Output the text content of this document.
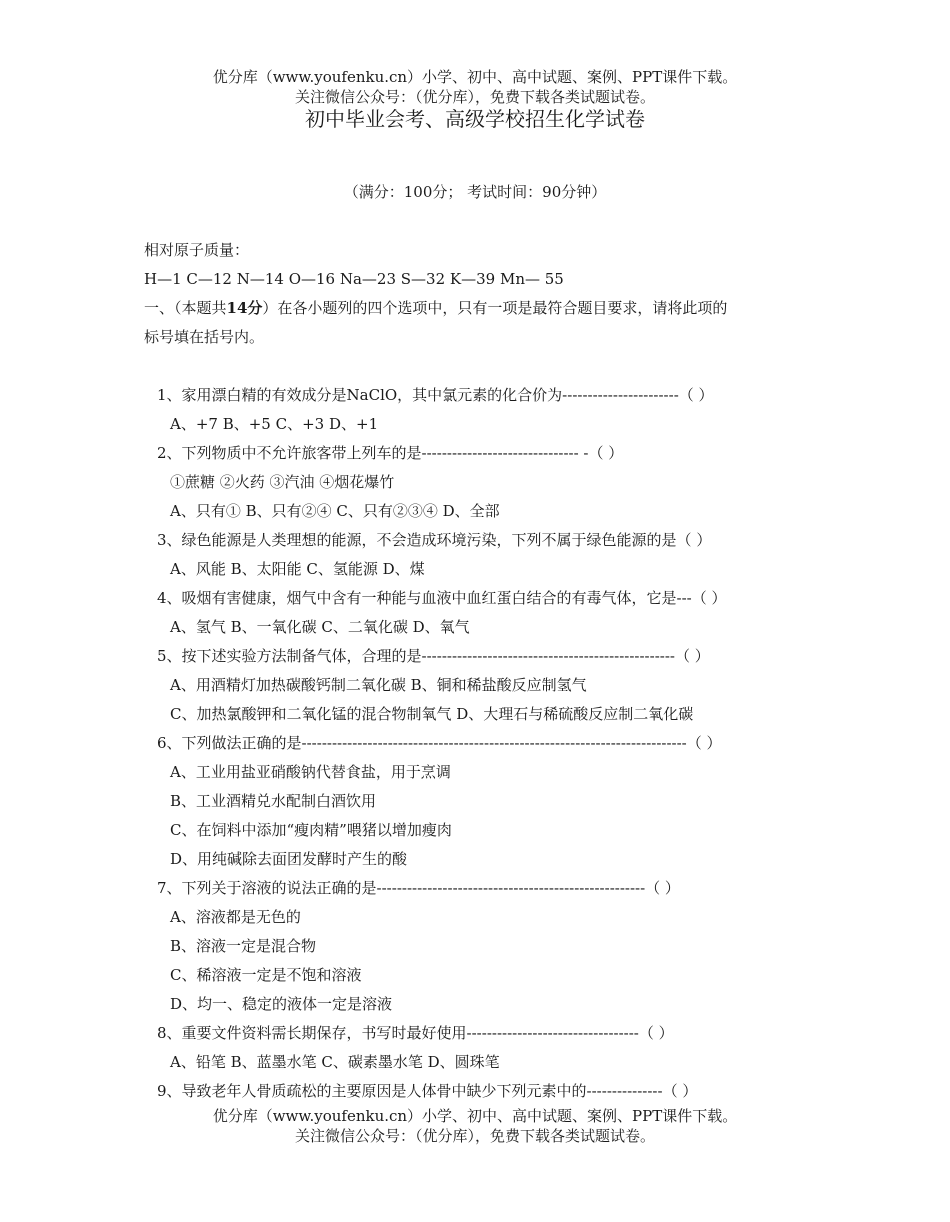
优分库（www.youfenku.cn）小学、初中、高中试题、案例、PPT课件下载。
关注微信公众号：（优分库），免费下载各类试题试卷。
初中毕业会考、高级学校招生化学试卷
（满分：100分； 考试时间：90分钟）
相对原子质量：
H—1 C—12 N—14 O—16 Na—23 S—32 K—39 Mn— 55
一、（本题共14分）在各小题列的四个选项中，只有一项是最符合题目要求，请将此项的
标号填在括号内。
1、家用漂白精的有效成分是NaClO，其中氯元素的化合价为-----------------------（ ）
A、+7 B、+5 C、+3 D、+1
2、下列物质中不允许旅客带上列车的是------------------------------- -（ ）
①蔗糖 ②火药 ③汽油 ④烟花爆竹
A、只有① B、只有②④ C、只有②③④ D、全部
3、绿色能源是人类理想的能源，不会造成环境污染，下列不属于绿色能源的是（ ）
A、风能 B、太阳能 C、氢能源 D、煤
4、吸烟有害健康，烟气中含有一种能与血液中血红蛋白结合的有毒气体，它是---（ ）
A、氢气 B、一氧化碳 C、二氧化碳 D、氧气
5、按下述实验方法制备气体，合理的是--------------------------------------------------（ ）
A、用酒精灯加热碳酸钙制二氧化碳 B、铜和稀盐酸反应制氢气
C、加热氯酸钾和二氧化锰的混合物制氧气 D、大理石与稀硫酸反应制二氧化碳
6、下列做法正确的是----------------------------------------------------------------------------（ ）
A、工业用盐亚硝酸钠代替食盐，用于烹调
B、工业酒精兑水配制白酒饮用
C、在饲料中添加“瘦肉精”喂猪以增加瘦肉
D、用纯碱除去面团发酵时产生的酸
7、下列关于溶液的说法正确的是-----------------------------------------------------（ ）
A、溶液都是无色的
B、溶液一定是混合物
C、稀溶液一定是不饱和溶液
D、均一、稳定的液体一定是溶液
8、重要文件资料需长期保存，书写时最好使用----------------------------------（ ）
A、铅笔 B、蓝墨水笔 C、碳素墨水笔 D、圆珠笔
9、导致老年人骨质疏松的主要原因是人体骨中缺少下列元素中的---------------（ ）
优分库（www.youfenku.cn）小学、初中、高中试题、案例、PPT课件下载。
关注微信公众号：（优分库），免费下载各类试题试卷。
